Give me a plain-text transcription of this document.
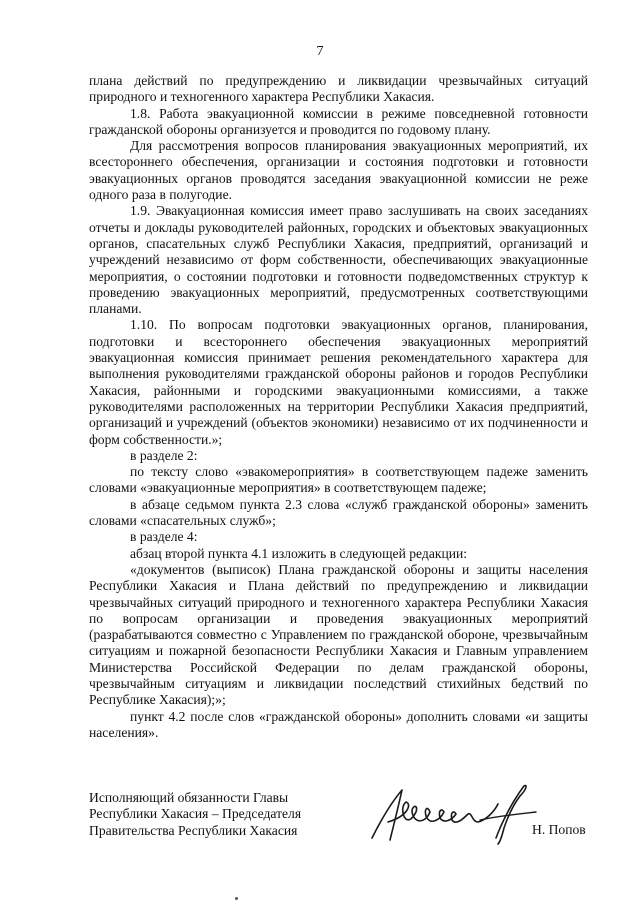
7

плана действий по предупреждению и ликвидации чрезвычайных ситуаций природного и техногенного характера Республики Хакасия.

1.8. Работа эвакуационной комиссии в режиме повседневной готовности гражданской обороны организуется и проводится по годовому плану.

Для рассмотрения вопросов планирования эвакуационных мероприятий, их всестороннего обеспечения, организации и состояния подготовки и готовности эвакуационных органов проводятся заседания эвакуационной комиссии не реже одного раза в полугодие.

1.9. Эвакуационная комиссия имеет право заслушивать на своих заседаниях отчеты и доклады руководителей районных, городских и объектовых эвакуационных органов, спасательных служб Республики Хакасия, предприятий, организаций и учреждений независимо от форм собственности, обеспечивающих эвакуационные мероприятия, о состоянии подготовки и готовности подведомственных структур к проведению эвакуационных мероприятий, предусмотренных соответствующими планами.

1.10. По вопросам подготовки эвакуационных органов, планирования, подготовки и всестороннего обеспечения эвакуационных мероприятий эвакуационная комиссия принимает решения рекомендательного характера для выполнения руководителями гражданской обороны районов и городов Республики Хакасия, районными и городскими эвакуационными комиссиями, а также руководителями расположенных на территории Республики Хакасия предприятий, организаций и учреждений (объектов экономики) независимо от их подчиненности и форм собственности.»;

в разделе 2:

по тексту слово «эвакомероприятия» в соответствующем падеже заменить словами «эвакуационные мероприятия» в соответствующем падеже;

в абзаце седьмом пункта 2.3 слова «служб гражданской обороны» заменить словами «спасательных служб»;

в разделе 4:

абзац второй пункта 4.1 изложить в следующей редакции:

«документов (выписок) Плана гражданской обороны и защиты населения Республики Хакасия и Плана действий по предупреждению и ликвидации чрезвычайных ситуаций природного и техногенного характера Республики Хакасия по вопросам организации и проведения эвакуационных мероприятий (разрабатываются совместно с Управлением по гражданской обороне, чрезвычайным ситуациям и пожарной безопасности Республики Хакасия и Главным управлением Министерства Российской Федерации по делам гражданской обороны, чрезвычайным ситуациям и ликвидации последствий стихийных бедствий по Республике Хакасия);»;

пункт 4.2 после слов «гражданской обороны» дополнить словами «и защиты населения».

Исполняющий обязанности Главы
Республики Хакасия – Председателя
Правительства Республики Хакасия	Н. Попов
